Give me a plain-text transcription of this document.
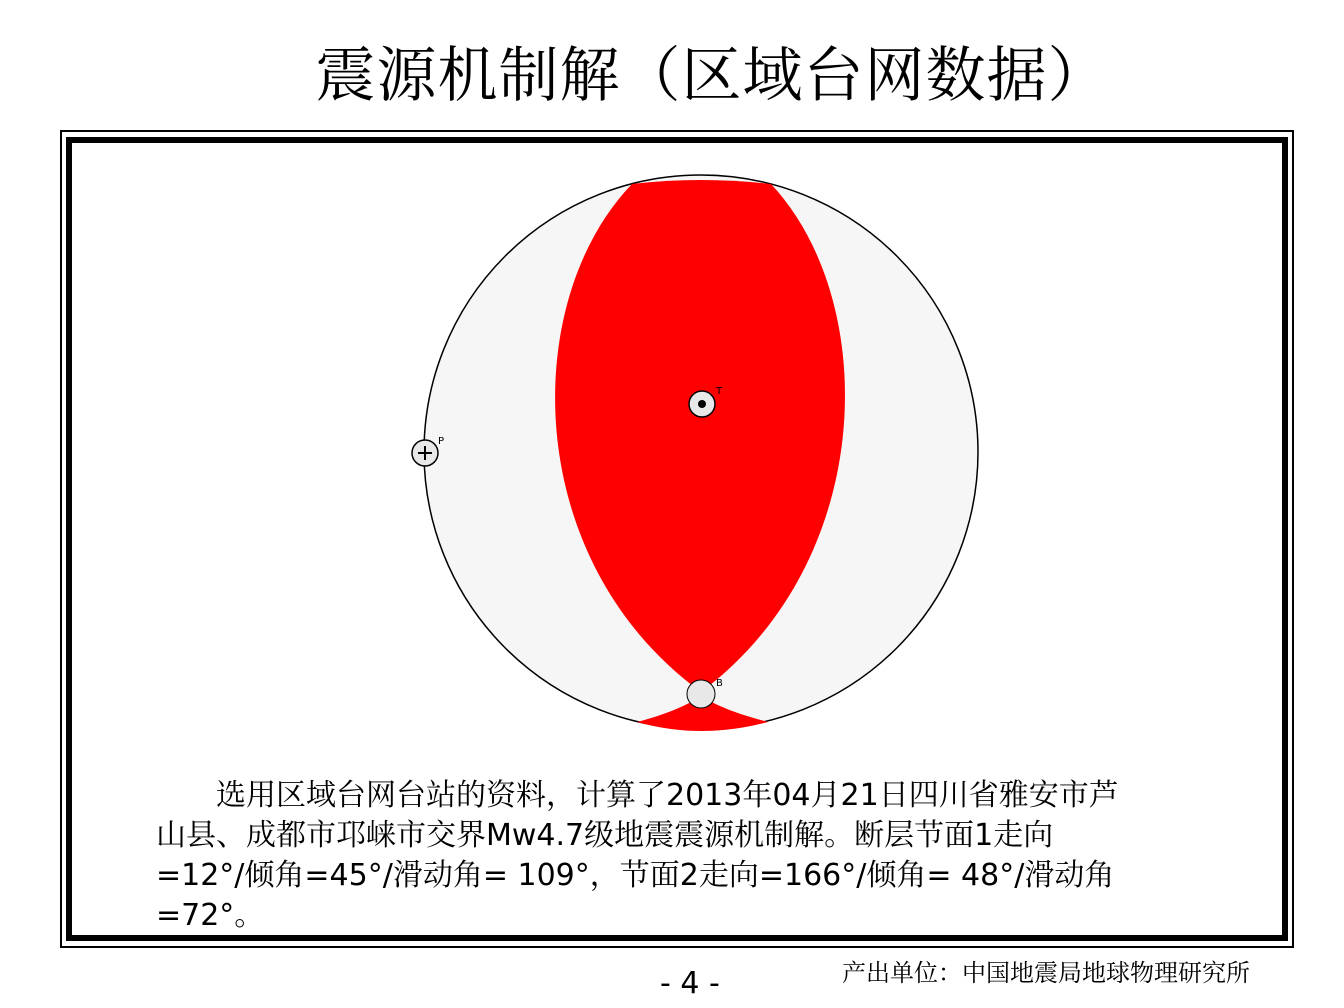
震源机制解（区域台网数据）
T
P
B
　　选用区域台网台站的资料，计算了2013年04月21日四川省雅安市芦
山县、成都市邛崃市交界Mw4.7级地震震源机制解。断层节面1走向
=12°/倾角=45°/滑动角= 109°，节面2走向=166°/倾角= 48°/滑动角
=72°。
- 4 -	产出单位：中国地震局地球物理研究所
